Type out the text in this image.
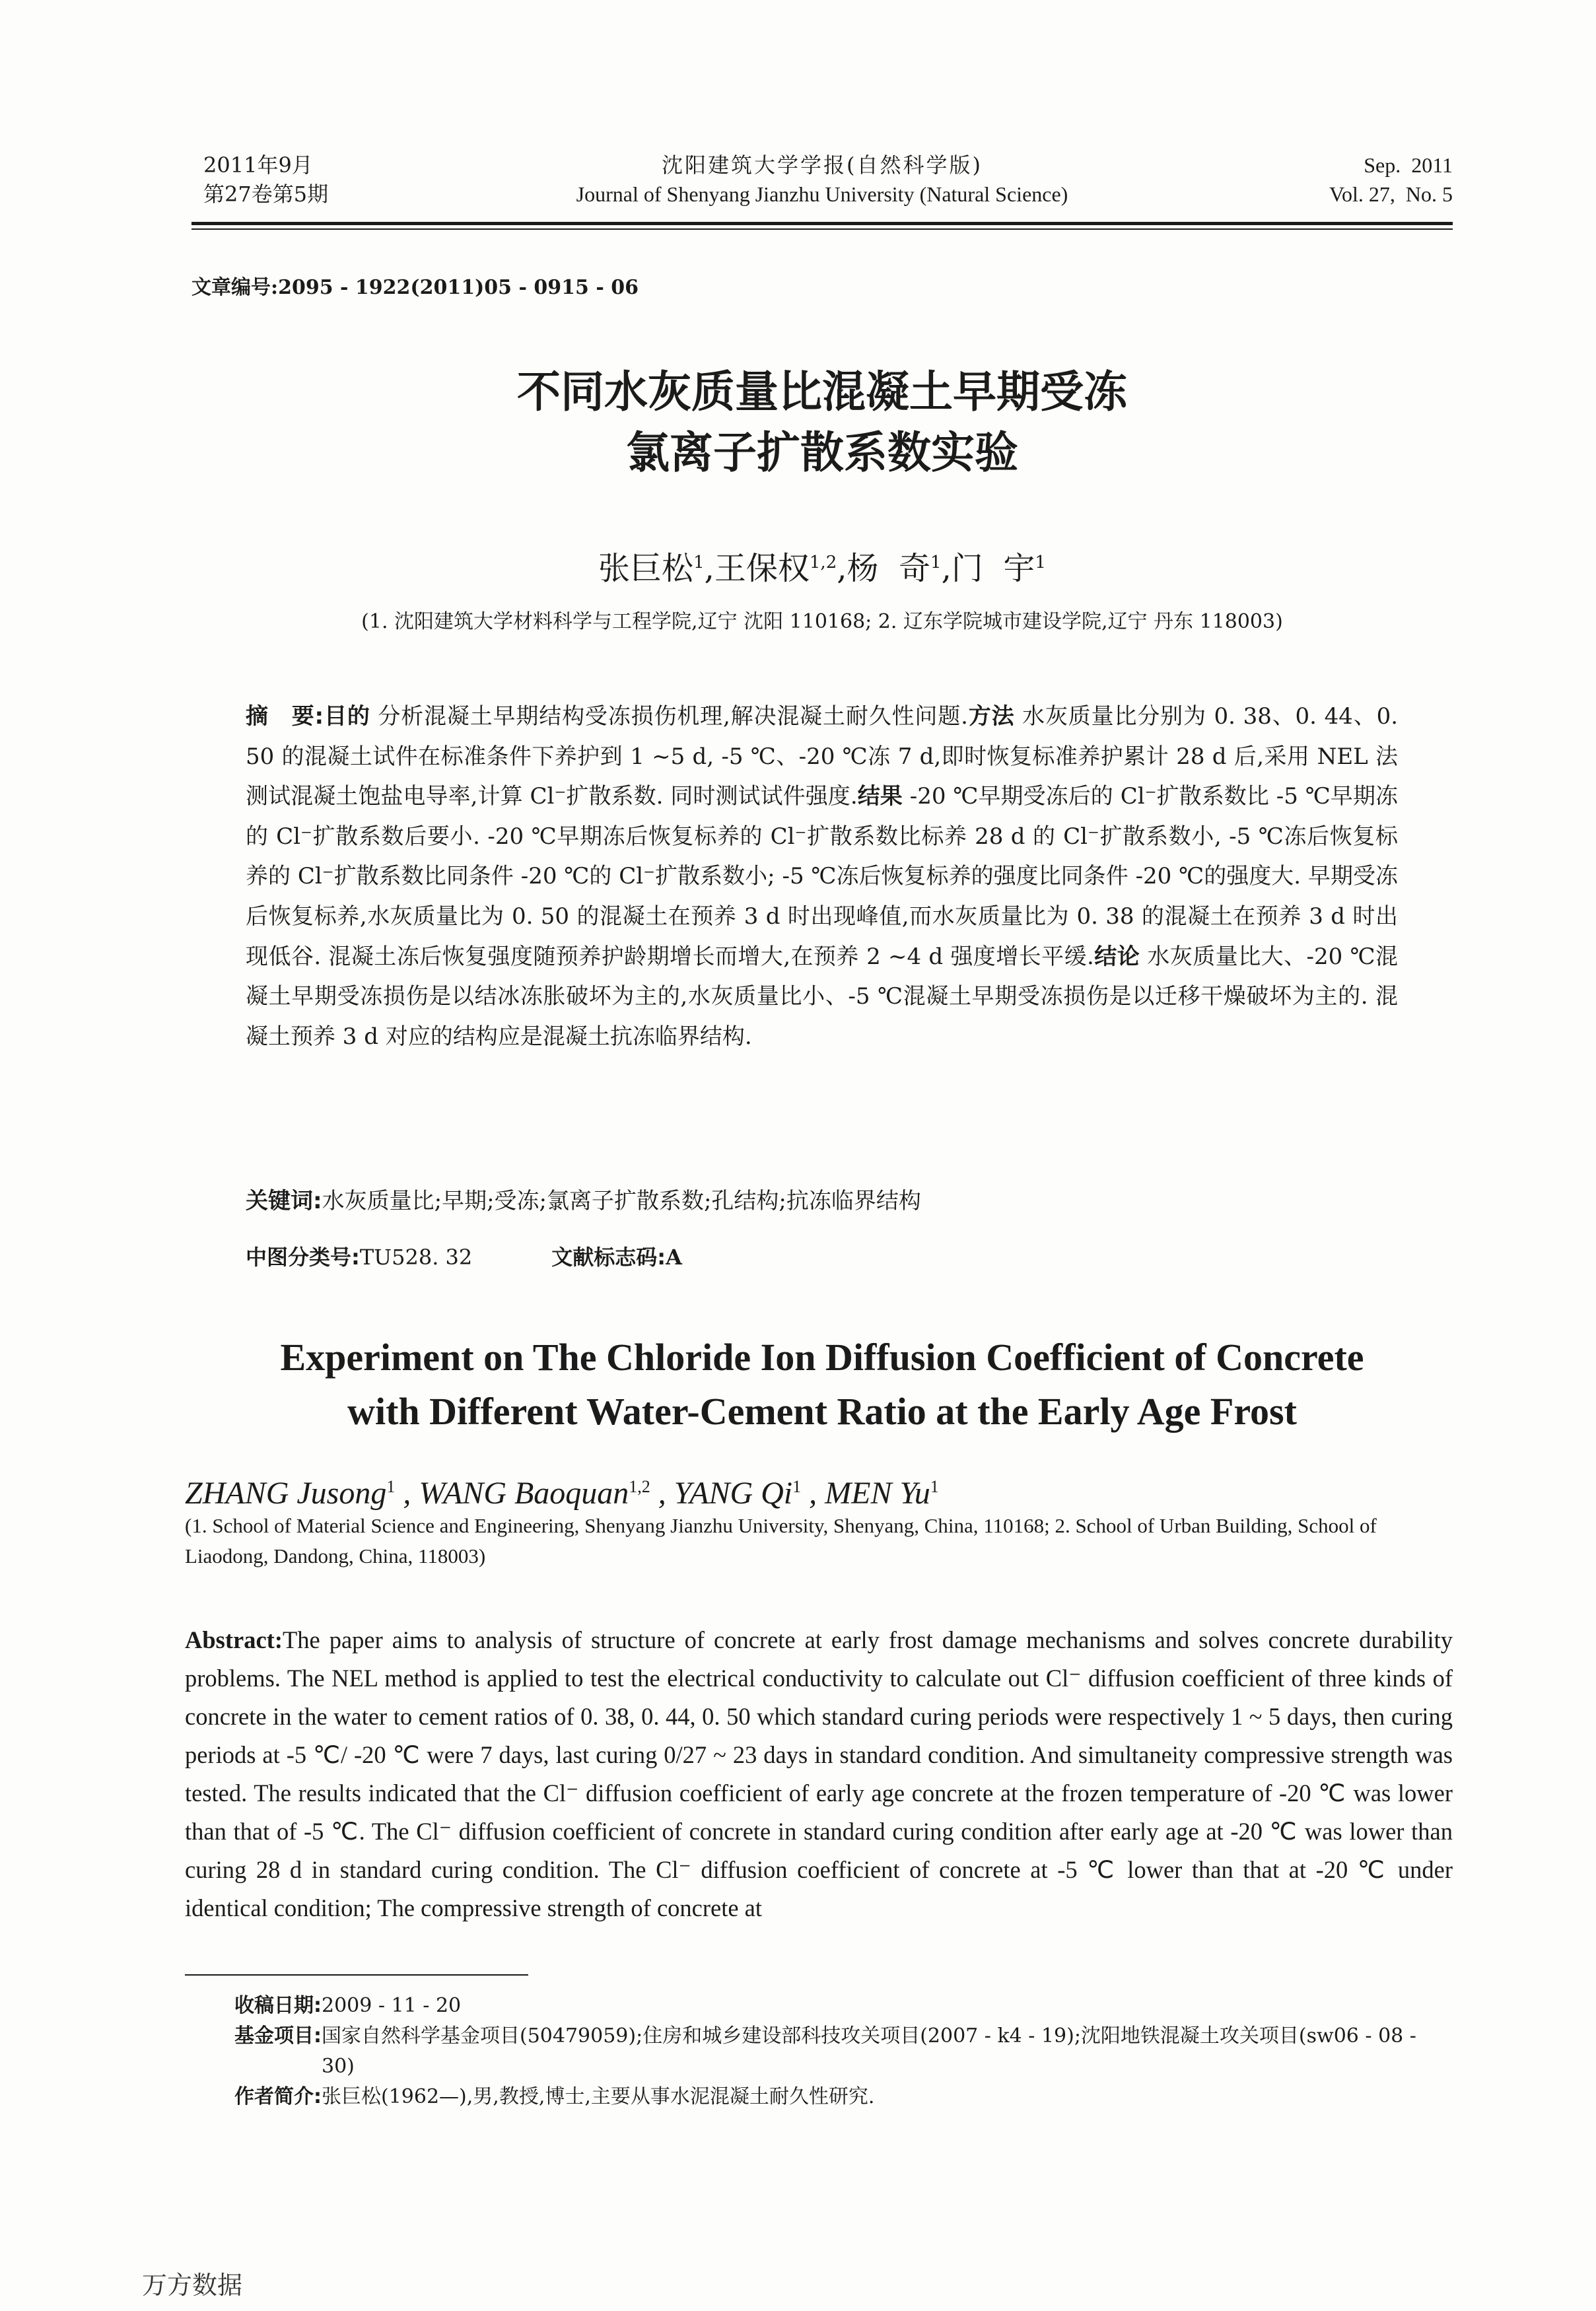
2011年9月
第27卷第5期
沈阳建筑大学学报(自然科学版)
Journal of Shenyang Jianzhu University (Natural Science)
Sep.  2011
Vol. 27,  No. 5
文章编号:2095 - 1922(2011)05 - 0915 - 06
不同水灰质量比混凝土早期受冻
氯离子扩散系数实验
张巨松$^1$,王保权$^{1,2}$,杨  奇$^1$,门  宇$^1$
(1. 沈阳建筑大学材料科学与工程学院,辽宁 沈阳 110168; 2. 辽东学院城市建设学院,辽宁 丹东 118003)
摘　要:目的 分析混凝土早期结构受冻损伤机理,解决混凝土耐久性问题.方法 水灰质量比分别为 0. 38、0. 44、0. 50 的混凝土试件在标准条件下养护到 1 ~5 d, -5 ℃、-20 ℃冻 7 d,即时恢复标准养护累计 28 d 后,采用 NEL 法测试混凝土饱盐电导率,计算 Cl⁻扩散系数. 同时测试试件强度.结果 -20 ℃早期受冻后的 Cl⁻扩散系数比 -5 ℃早期冻的 Cl⁻扩散系数后要小. -20 ℃早期冻后恢复标养的 Cl⁻扩散系数比标养 28 d 的 Cl⁻扩散系数小, -5 ℃冻后恢复标养的 Cl⁻扩散系数比同条件 -20 ℃的 Cl⁻扩散系数小; -5 ℃冻后恢复标养的强度比同条件 -20 ℃的强度大. 早期受冻后恢复标养,水灰质量比为 0. 50 的混凝土在预养 3 d 时出现峰值,而水灰质量比为 0. 38 的混凝土在预养 3 d 时出现低谷. 混凝土冻后恢复强度随预养护龄期增长而增大,在预养 2 ~4 d 强度增长平缓.结论 水灰质量比大、-20 ℃混凝土早期受冻损伤是以结冰冻胀破坏为主的,水灰质量比小、-5 ℃混凝土早期受冻损伤是以迁移干燥破坏为主的. 混凝土预养 3 d 对应的结构应是混凝土抗冻临界结构.
关键词:水灰质量比;早期;受冻;氯离子扩散系数;孔结构;抗冻临界结构
中图分类号:TU528. 32	文献标志码:A
Experiment on The Chloride Ion Diffusion Coefficient of Concrete
with Different Water-Cement Ratio at the Early Age Frost
ZHANG Jusong$^1$ , WANG Baoquan$^{1,2}$ , YANG Qi$^1$ , MEN Yu$^1$
(1. School of Material Science and Engineering, Shenyang Jianzhu University, Shenyang, China, 110168; 2. School of Urban Building, School of Liaodong, Dandong, China, 118003)
Abstract:The paper aims to analysis of structure of concrete at early frost damage mechanisms and solves concrete durability problems. The NEL method is applied to test the electrical conductivity to calculate out Cl⁻ diffusion coefficient of three kinds of concrete in the water to cement ratios of 0. 38, 0. 44, 0. 50 which standard curing periods were respectively 1 ~ 5 days, then curing periods at -5 ℃/ -20 ℃ were 7 days, last curing 0/27 ~ 23 days in standard condition. And simultaneity compressive strength was tested. The results indicated that the Cl⁻ diffusion coefficient of early age concrete at the frozen temperature of -20 ℃ was lower than that of -5 ℃. The Cl⁻ diffusion coefficient of concrete in standard curing condition after early age at -20 ℃ was lower than curing 28 d in standard curing condition. The Cl⁻ diffusion coefficient of concrete at -5 ℃ lower than that at -20 ℃ under identical condition; The compressive strength of concrete at
收稿日期: 2009 - 11 - 20
基金项目: 国家自然科学基金项目(50479059);住房和城乡建设部科技攻关项目(2007 - k4 - 19);沈阳地铁混凝土攻关项目(sw06 - 08 - 30)
作者简介: 张巨松(1962—),男,教授,博士,主要从事水泥混凝土耐久性研究.
万方数据
